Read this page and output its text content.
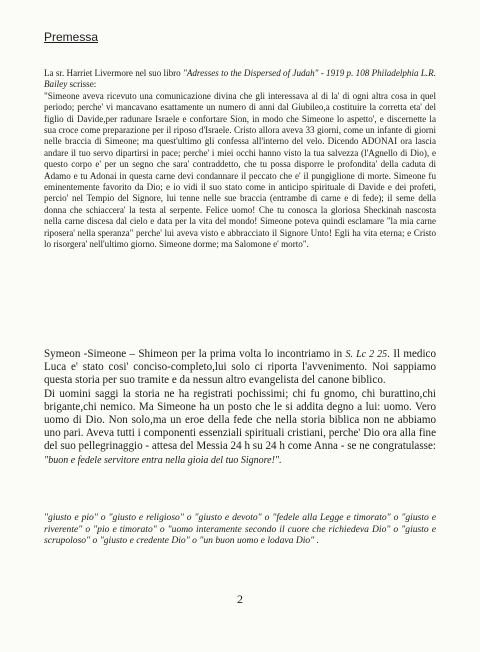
Premessa

La sr. Harriet Livermore nel suo libro "Adresses to the Dispersed of Judah" - 1919 p. 108 Philadelphia L.R. Bailey scrisse:
"Simeone aveva ricevuto una comunicazione divina che gli interessava al di la' di ogni altra cosa in quel periodo; perche' vi mancavano esattamente un numero di anni dal Giubileo,a costituire la corretta eta' del figlio di Davide,per radunare Israele e confortare Sion, in modo che Simeone lo aspetto', e discernette la sua croce come preparazione per il riposo d'Israele. Cristo allora aveva 33 giorni, come un infante di giorni nelle braccia di Simeone; ma quest'ultimo gli confessa all'interno del velo. Dicendo ADONAI ora lascia andare il tuo servo dipartirsi in pace; perche' i miei occhi hanno visto la tua salvezza (l'Agnello di Dio), e questo corpo e' per un segno che sara' contraddetto, che tu possa disporre le profondita' della caduta di Adamo e tu Adonai in questa carne devi condannare il peccato che e' il pungiglione di morte. Simeone fu eminentemente favorito da Dio; e io vidi il suo stato come in anticipo spirituale di Davide e dei profeti, percio' nel Tempio del Signore, lui tenne nelle sue braccia (entrambe di carne e di fede); il seme della donna che schiaccera' la testa al serpente. Felice uomo! Che tu conosca la gloriosa Sheckinah nascosta nella carne discesa dal cielo e data per la vita del mondo! Simeone poteva quindi esclamare "la mia carne riposera' nella speranza" perche' lui aveva visto e abbracciato il Signore Unto! Egli ha vita eterna; e Cristo lo risorgera' nell'ultimo giorno. Simeone dorme; ma Salomone e' morto".

Symeon -Simeone – Shimeon per la prima volta lo incontriamo in S. Lc 2 25. Il medico Luca e' stato cosi' conciso-completo,lui solo ci riporta l'avvenimento. Noi sappiamo questa storia per suo tramite e da nessun altro evangelista del canone biblico.

Di uomini saggi la storia ne ha registrati pochissimi; chi fu gnomo, chi burattino,chi brigante,chi nemico. Ma Simeone ha un posto che le si addita degno a lui: uomo. Vero uomo di Dio. Non solo,ma un eroe della fede che nella storia biblica non ne abbiamo uno pari. Aveva tutti i componenti essenziali spirituali cristiani, perche' Dio ora alla fine del suo pellegrinaggio - attesa del Messia 24 h su 24 h come Anna - se ne congratulasse: "buon e fedele servitore entra nella gioia del tuo Signore!".

"giusto e pio" o "giusto e religioso" o "giusto e devoto" o "fedele alla Legge e timorato" o "giusto e riverente" o "pio e timorato" o "uomo interamente secondo il cuore che richiedeva Dio" o "giusto e scrupoloso" o "giusto e credente Dio" o "un buon uomo e lodava Dio" .

2
